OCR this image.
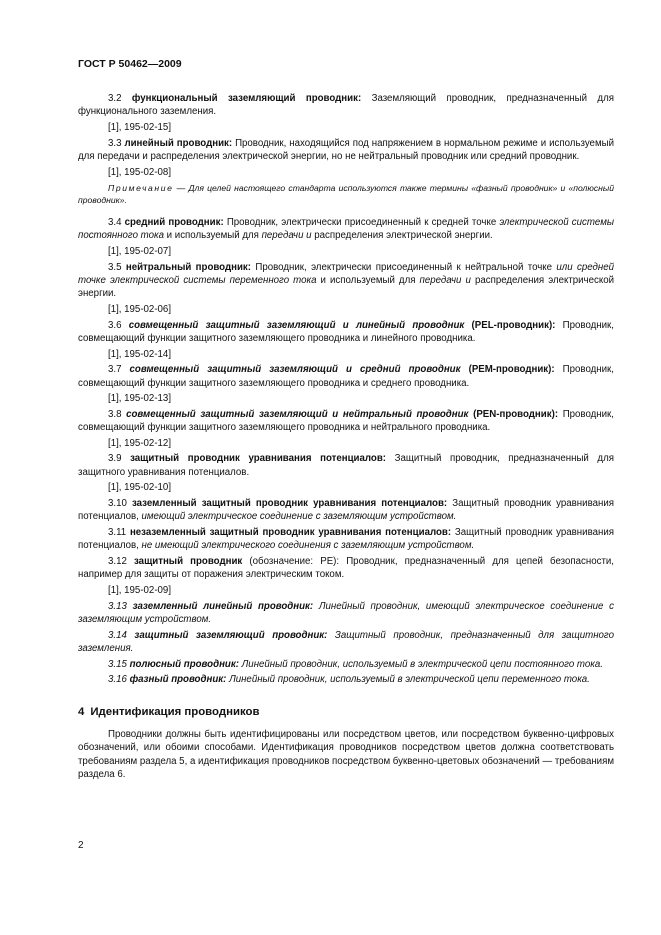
ГОСТ Р 50462—2009

3.2 функциональный заземляющий проводник: Заземляющий проводник, предназначенный для функционального заземления.

[1], 195-02-15]

3.3 линейный проводник: Проводник, находящийся под напряжением в нормальном режиме и используемый для передачи и распределения электрической энергии, но не нейтральный проводник или средний проводник.

[1], 195-02-08]

Примечание — Для целей настоящего стандарта используются также термины «фазный проводник» и «полюсный проводник».

3.4 средний проводник: Проводник, электрически присоединенный к средней точке электрической системы постоянного тока и используемый для передачи и распределения электрической энергии.

[1], 195-02-07]

3.5 нейтральный проводник: Проводник, электрически присоединенный к нейтральной точке или средней точке электрической системы переменного тока и используемый для передачи и распределения электрической энергии.

[1], 195-02-06]

3.6 совмещенный защитный заземляющий и линейный проводник (PEL-проводник): Проводник, совмещающий функции защитного заземляющего проводника и линейного проводника.

[1], 195-02-14]

3.7 совмещенный защитный заземляющий и средний проводник (PEM-проводник): Проводник, совмещающий функции защитного заземляющего проводника и среднего проводника.

[1], 195-02-13]

3.8 совмещенный защитный заземляющий и нейтральный проводник (PEN-проводник): Проводник, совмещающий функции защитного заземляющего проводника и нейтрального проводника.

[1], 195-02-12]

3.9 защитный проводник уравнивания потенциалов: Защитный проводник, предназначенный для защитного уравнивания потенциалов.

[1], 195-02-10]

3.10 заземленный защитный проводник уравнивания потенциалов: Защитный проводник уравнивания потенциалов, имеющий электрическое соединение с заземляющим устройством.

3.11 незаземленный защитный проводник уравнивания потенциалов: Защитный проводник уравнивания потенциалов, не имеющий электрического соединения с заземляющим устройством.

3.12 защитный проводник (обозначение: РЕ): Проводник, предназначенный для цепей безопасности, например для защиты от поражения электрическим током.

[1], 195-02-09]

3.13 заземленный линейный проводник: Линейный проводник, имеющий электрическое соединение с заземляющим устройством.

3.14 защитный заземляющий проводник: Защитный проводник, предназначенный для защитного заземления.

3.15 полюсный проводник: Линейный проводник, используемый в электрической цепи постоянного тока.

3.16 фазный проводник: Линейный проводник, используемый в электрической цепи переменного тока.

4 Идентификация проводников

Проводники должны быть идентифицированы или посредством цветов, или посредством буквенно-цифровых обозначений, или обоими способами. Идентификация проводников посредством цветов должна соответствовать требованиям раздела 5, а идентификация проводников посредством буквенно-цветовых обозначений — требованиям раздела 6.

2
